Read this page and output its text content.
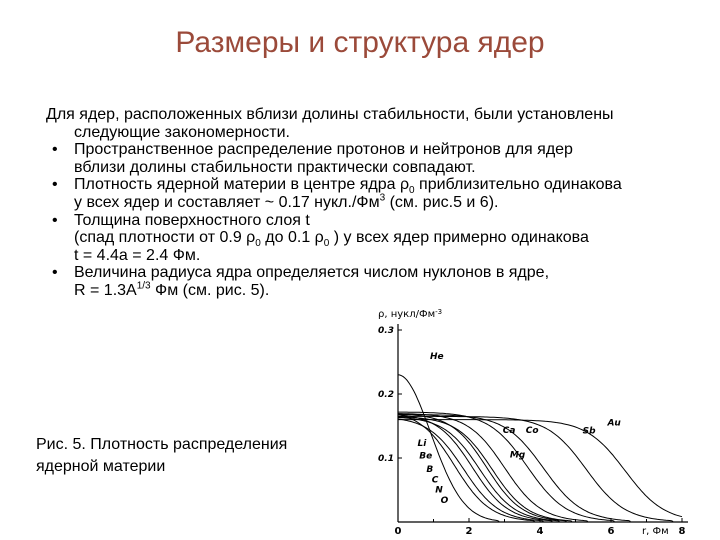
Размеры и структура ядер

Для ядер, расположенных вблизи долины стабильности, были установлены

следующие закономерности.

• Пространственное распределение протонов и нейтронов для ядер
вблизи долины стабильности практически совпадают.
• Плотность ядерной материи в центре ядра $\rho_0$ приблизительно одинакова
у всех ядер и составляет ~ 0.17 $нукл./Фм^3$ (см. рис.5 и 6).
• Толщина поверхностного слоя t
(спад плотности от 0.9 $\rho_0$ до 0.1 $\rho_0$ ) у всех ядер примерно одинакова
t = 4.4a = 2.4 Фм.
• Величина радиуса ядра определяется числом нуклонов в ядре,
$R = 1.3A^{1/3}$ Фм (см. рис. 5).
Рис. 5. Плотность распределения
ядерной материи
ρ, нукл/$Фм^{-3}$
0	2	4	6	8
0.1
0.2
0.3
He
Li
Be
B
C
N
O
Mg
Ca Co	Sb
Au
r, Фм
